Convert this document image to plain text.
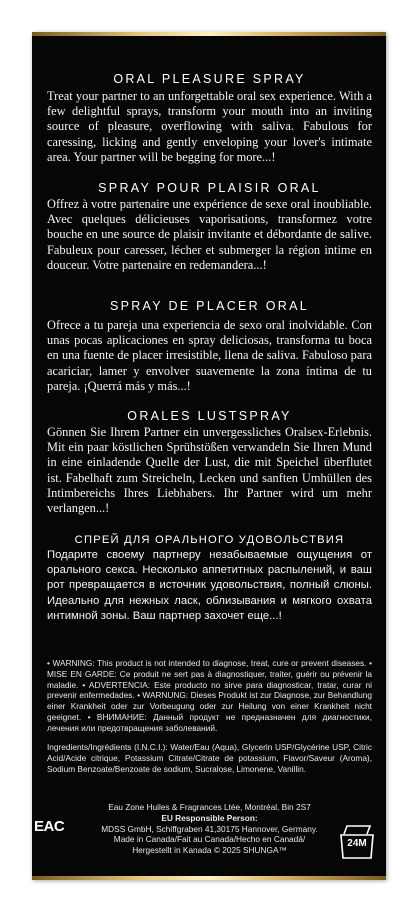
ORAL PLEASURE SPRAY
Treat your partner to an unforgettable oral sex experience. With a few delightful sprays, transform your mouth into an inviting source of pleasure, overflowing with saliva. Fabulous for caressing, licking and gently enveloping your lover's intimate area. Your partner will be begging for more...!
SPRAY POUR PLAISIR ORAL
Offrez à votre partenaire une expérience de sexe oral inoubliable. Avec quelques délicieuses vaporisations, transformez votre bouche en une source de plaisir invitante et débordante de salive. Fabuleux pour caresser, lécher et submerger la région intime en douceur. Votre partenaire en redemandera...!
SPRAY DE PLACER ORAL
Ofrece a tu pareja una experiencia de sexo oral inolvidable. Con unas pocas aplicaciones en spray deliciosas, transforma tu boca en una fuente de placer irresistible, llena de saliva. Fabuloso para acariciar, lamer y envolver suavemente la zona íntima de tu pareja. ¡Querrá más y más...!
ORALES LUSTSPRAY
Gönnen Sie Ihrem Partner ein unvergessliches Oralsex-Erlebnis. Mit ein paar köstlichen Sprühstößen verwandeln Sie Ihren Mund in eine einladende Quelle der Lust, die mit Speichel überflutet ist. Fabelhaft zum Streicheln, Lecken und sanften Umhüllen des Intimbereichs Ihres Liebhabers. Ihr Partner wird um mehr verlangen...!
СПРЕЙ ДЛЯ ОРАЛЬНОГО УДОВОЛЬСТВИЯ
Подарите своему партнеру незабываемые ощущения от орального секса. Несколько аппетитных распылений, и ваш рот превращается в источник удовольствия, полный слюны. Идеально для нежных ласк, облизывания и мягкого охвата интимной зоны. Ваш партнер захочет еще...!
• WARNING: This product is not intended to diagnose, treat, cure or prevent diseases. • MISE EN GARDE: Ce produit ne sert pas à diagnostiquer, traiter, guérir ou prévenir la maladie. • ADVERTENCIA: Este producto no sirve para diagnosticar, tratar, curar ni prevenir enfermedades. • WARNUNG: Dieses Produkt ist zur Diagnose, zur Behandlung einer Krankheit oder zur Vorbeugung oder zur Heilung von einer Krankheit nicht geeignet. • ВНИМАНИЕ: Данный продукт не предназначен для диагностики, лечения или предотвращения заболеваний.
Ingredients/Ingrédients (I.N.C.I.): Water/Eau (Aqua), Glycerin USP/Glycérine USP, Citric Acid/Acide citrique, Potassium Citrate/Citrate de potassium, Flavor/Saveur (Aroma), Sodium Benzoate/Benzoate de sodium, Sucralose, Limonene, Vanillin.
Eau Zone Huiles & Fragrances Ltée, Montréal, Bin 2S7
EU Responsible Person:
MDSS GmbH, Schiffgraben 41,30175 Hannover, Germany.
Made in Canada/Fait au Canada/Hecho en Canadá/
Hergestellt in Kanada © 2025 SHUNGA™
EAC
24M
